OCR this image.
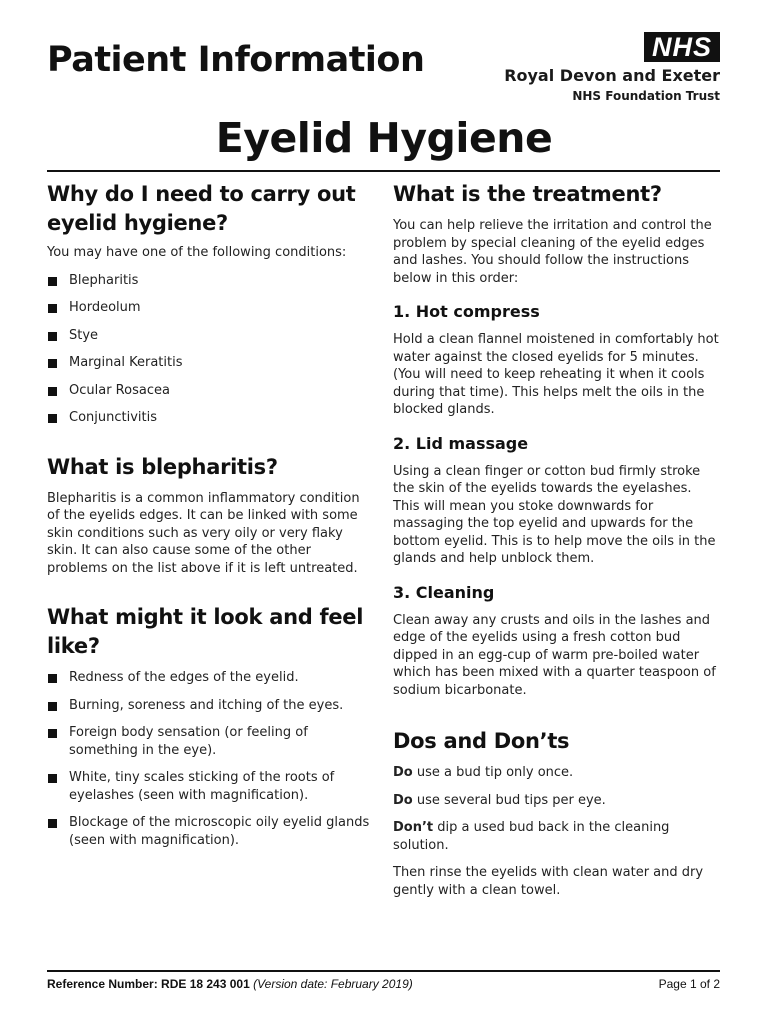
Patient Information	NHS
Royal Devon and Exeter
NHS Foundation Trust
Eyelid Hygiene
Why do I need to carry out eyelid hygiene?

You may have one of the following conditions:

Blepharitis
Hordeolum
Stye
Marginal Keratitis
Ocular Rosacea
Conjunctivitis
What is blepharitis?

Blepharitis is a common inflammatory condition of the eyelids edges. It can be linked with some skin conditions such as very oily or very flaky skin. It can also cause some of the other problems on the list above if it is left untreated.

What might it look and feel like?
Redness of the edges of the eyelid.
Burning, soreness and itching of the eyes.
Foreign body sensation (or feeling of something in the eye).
White, tiny scales sticking of the roots of eyelashes (seen with magnification).
Blockage of the microscopic oily eyelid glands (seen with magnification).
What is the treatment?

You can help relieve the irritation and control the problem by special cleaning of the eyelid edges and lashes. You should follow the instructions below in this order:

1. Hot compress

Hold a clean flannel moistened in comfortably hot water against the closed eyelids for 5 minutes. (You will need to keep reheating it when it cools during that time). This helps melt the oils in the blocked glands.

2. Lid massage

Using a clean finger or cotton bud firmly stroke the skin of the eyelids towards the eyelashes. This will mean you stoke downwards for massaging the top eyelid and upwards for the bottom eyelid. This is to help move the oils in the glands and help unblock them.

3. Cleaning

Clean away any crusts and oils in the lashes and edge of the eyelids using a fresh cotton bud dipped in an egg-cup of warm pre-boiled water which has been mixed with a quarter teaspoon of sodium bicarbonate.

Dos and Don’ts

Do use a bud tip only once.

Do use several bud tips per eye.

Don’t dip a used bud back in the cleaning solution.

Then rinse the eyelids with clean water and dry gently with a clean towel.

Reference Number: RDE 18 243 001 (Version date: February 2019)	Page 1 of 2
